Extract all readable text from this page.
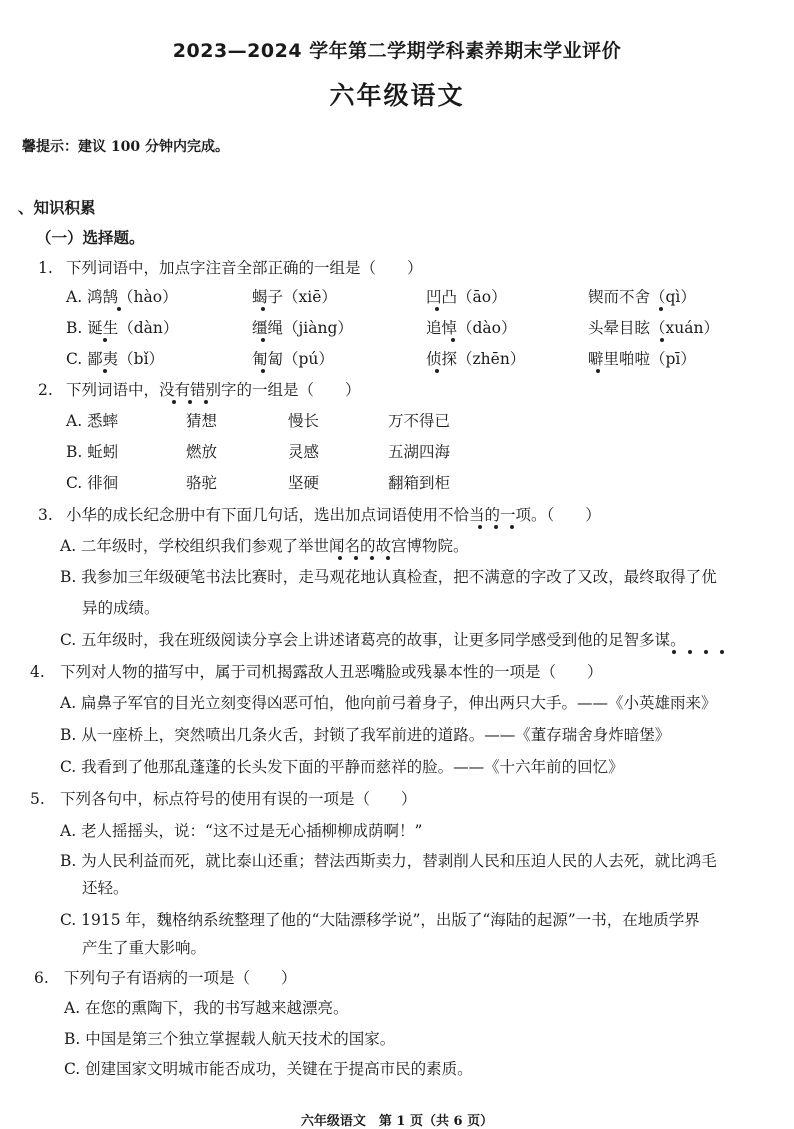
2023—2024 学年第二学期学科素养期末学业评价
六年级语文
馨提示：建议 100 分钟内完成。
、知识积累
（一）选择题。
1. 下列词语中，加点字注音全部正确的一组是（　　）
A. 鸿鹄（hào）	蝎子（xiē）	凹凸（āo）	锲而不舍（qì）
B. 诞生（dàn）	缰绳（jiàng）	追悼（dào）	头晕目眩（xuán）
C. 鄙夷（bǐ）	匍匐（pú）	侦探（zhēn）	噼里啪啦（pī）
2. 下列词语中，没有错别字的一组是（　　）
A. 悉蟀	猜想	慢长	万不得已
B. 蚯蚓	燃放	灵感	五湖四海
C. 徘徊	骆驼	坚硬	翻箱到柜
3. 小华的成长纪念册中有下面几句话，选出加点词语使用不恰当的一项。（　　）
A. 二年级时，学校组织我们参观了举世闻名的故宫博物院。
B. 我参加三年级硬笔书法比赛时，走马观花地认真检查，把不满意的字改了又改，最终取得了优
异的成绩。
C. 五年级时，我在班级阅读分享会上讲述诸葛亮的故事，让更多同学感受到他的足智多谋。
4. 下列对人物的描写中，属于司机揭露敌人丑恶嘴脸或残暴本性的一项是（　　）
A. 扁鼻子军官的目光立刻变得凶恶可怕，他向前弓着身子，伸出两只大手。——《小英雄雨来》
B. 从一座桥上，突然喷出几条火舌，封锁了我军前进的道路。——《董存瑞舍身炸暗堡》
C. 我看到了他那乱蓬蓬的长头发下面的平静而慈祥的脸。——《十六年前的回忆》
5. 下列各句中，标点符号的使用有误的一项是（　　）
A. 老人摇摇头，说：“这不过是无心插柳柳成荫啊！”
B. 为人民利益而死，就比泰山还重；替法西斯卖力，替剥削人民和压迫人民的人去死，就比鸿毛
还轻。
C. 1915 年，魏格纳系统整理了他的“大陆漂移学说”，出版了“海陆的起源”一书，在地质学界
产生了重大影响。
6. 下列句子有语病的一项是（　　）
A. 在您的熏陶下，我的书写越来越漂亮。
B. 中国是第三个独立掌握载人航天技术的国家。
C. 创建国家文明城市能否成功，关键在于提高市民的素质。
六年级语文　第 1 页（共 6 页）
